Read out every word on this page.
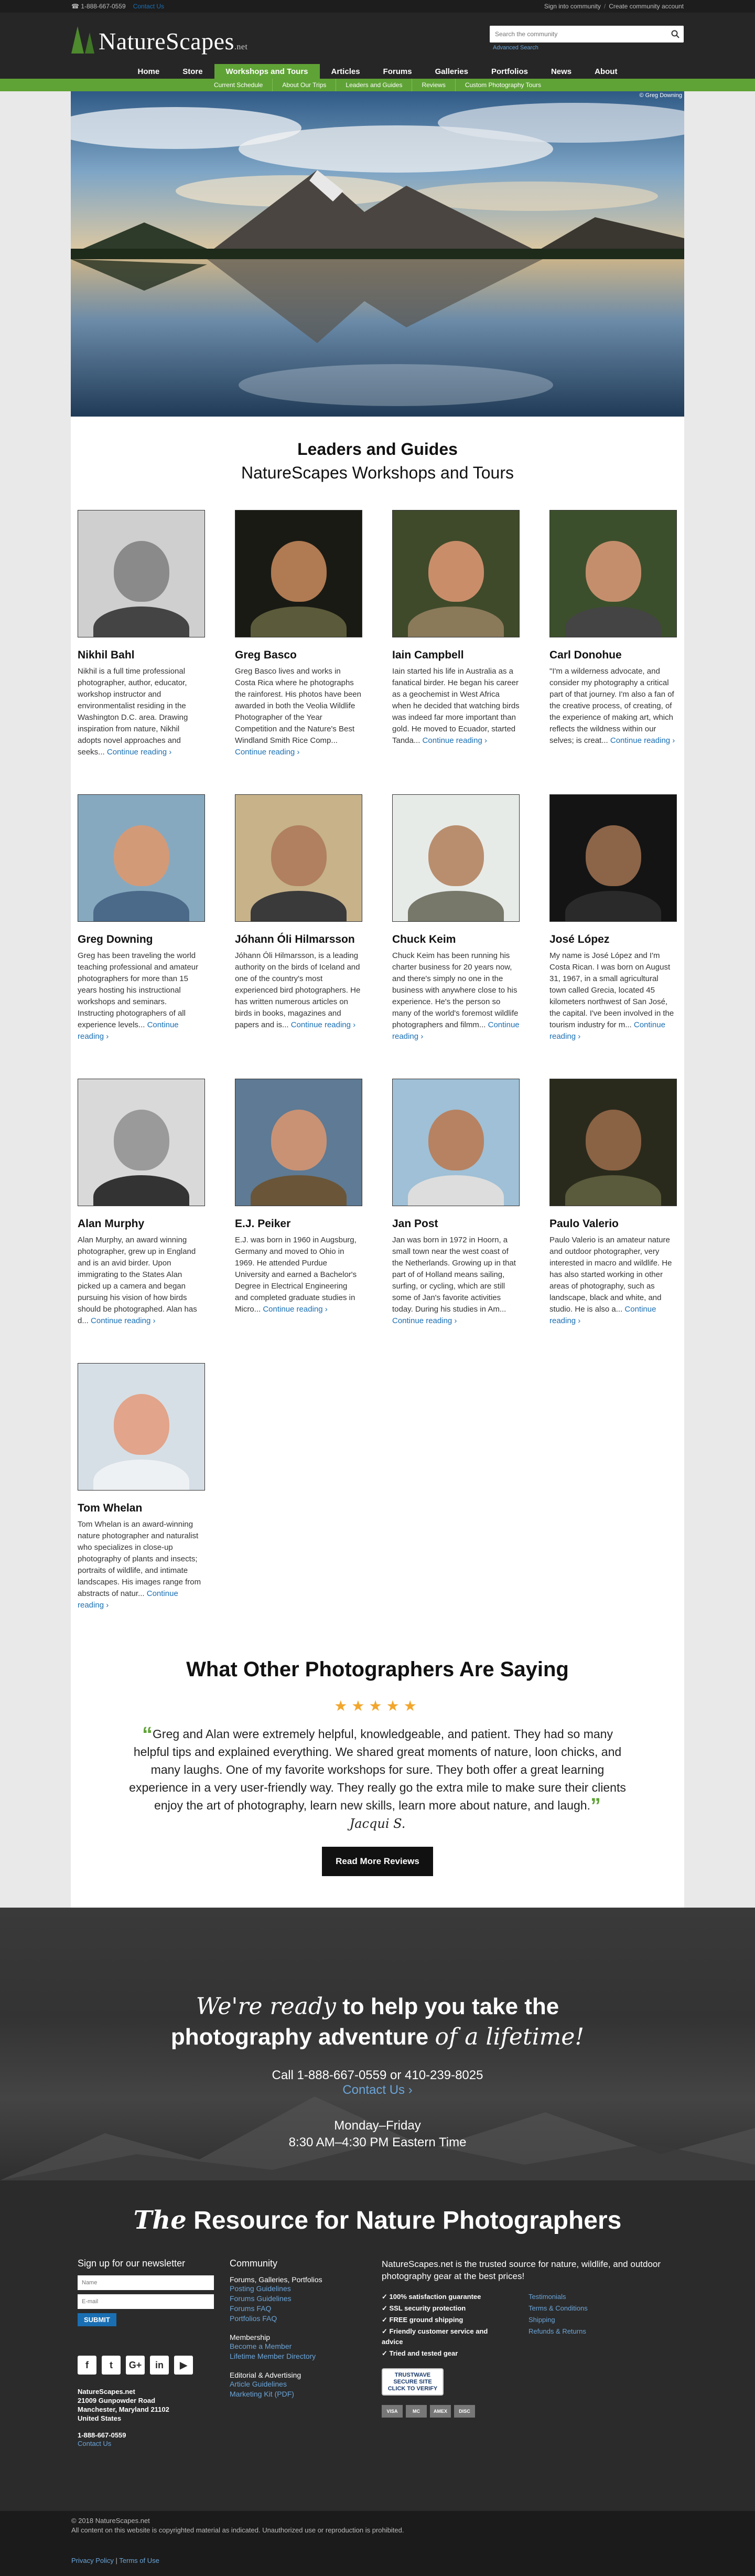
☎ 1-888-667-0559 Contact Us	Sign into community / Create community account
NatureScapes.net
Search the community	Advanced Search
Home	Store	Workshops and Tours	Articles	Forums	Galleries	Portfolios	News	About
Current Schedule	About Our Trips	Leaders and Guides	Reviews	Custom Photography Tours
© Greg Downing
Leaders and Guides
NatureScapes Workshops and Tours
Nikhil Bahl

Nikhil is a full time professional photographer, author, educator, workshop instructor and environmentalist residing in the Washington D.C. area. Drawing inspiration from nature, Nikhil adopts novel approaches and seeks... Continue reading ›

Greg Basco

Greg Basco lives and works in Costa Rica where he photographs the rainforest. His photos have been awarded in both the Veolia Wildlife Photographer of the Year Competition and the Nature's Best Windland Smith Rice Comp... Continue reading ›

Iain Campbell

Iain started his life in Australia as a fanatical birder. He began his career as a geochemist in West Africa when he decided that watching birds was indeed far more important than gold. He moved to Ecuador, started Tanda... Continue reading ›

Carl Donohue

"I'm a wilderness advocate, and consider my photography a critical part of that journey. I'm also a fan of the creative process, of creating, of the experience of making art, which reflects the wildness within our selves; is creat... Continue reading ›

Greg Downing

Greg has been traveling the world teaching professional and amateur photographers for more than 15 years hosting his instructional workshops and seminars. Instructing photographers of all experience levels... Continue reading ›

Jóhann Óli Hilmarsson

Jóhann Óli Hilmarsson, is a leading authority on the birds of Iceland and one of the country's most experienced bird photographers. He has written numerous articles on birds in books, magazines and papers and is... Continue reading ›

Chuck Keim

Chuck Keim has been running his charter business for 20 years now, and there's simply no one in the business with anywhere close to his experience. He's the person so many of the world's foremost wildlife photographers and filmm... Continue reading ›

José López

My name is José López and I'm Costa Rican. I was born on August 31, 1967, in a small agricultural town called Grecia, located 45 kilometers northwest of San José, the capital. I've been involved in the tourism industry for m... Continue reading ›

Alan Murphy

Alan Murphy, an award winning photographer, grew up in England and is an avid birder. Upon immigrating to the States Alan picked up a camera and began pursuing his vision of how birds should be photographed. Alan has d... Continue reading ›

E.J. Peiker

E.J. was born in 1960 in Augsburg, Germany and moved to Ohio in 1969. He attended Purdue University and earned a Bachelor's Degree in Electrical Engineering and completed graduate studies in Micro... Continue reading ›

Jan Post

Jan was born in 1972 in Hoorn, a small town near the west coast of the Netherlands. Growing up in that part of of Holland means sailing, surfing, or cycling, which are still some of Jan's favorite activities today. During his studies in Am... Continue reading ›

Paulo Valerio

Paulo Valerio is an amateur nature and outdoor photographer, very interested in macro and wildlife. He has also started working in other areas of photography, such as landscape, black and white, and studio. He is also a... Continue reading ›

Tom Whelan

Tom Whelan is an award-winning nature photographer and naturalist who specializes in close-up photography of plants and insects; portraits of wildlife, and intimate landscapes. His images range from abstracts of natur... Continue reading ›

What Other Photographers Are Saying
★★★★★
“Greg and Alan were extremely helpful, knowledgeable, and patient. They had so many helpful tips and explained everything. We shared great moments of nature, loon chicks, and many laughs. One of my favorite workshops for sure. They both offer a great learning experience in a very user-friendly way. They really go the extra mile to make sure their clients enjoy the art of photography, learn new skills, learn more about nature, and laugh.”
Jacqui S.
Read More Reviews
We're ready to help you take the
photography adventure of a lifetime!
Call 1-888-667-0559 or 410-239-8025
Contact Us ›
Monday–Friday
8:30 AM–4:30 PM Eastern Time
The Resource for Nature Photographers
Sign up for our newsletter
Name
E-mail SUBMIT
f	t	G+	in	▶
NatureScapes.net
21009 Gunpowder Road
Manchester, Maryland 21102
United States
1-888-667-0559
Contact Us
Community
Forums, Galleries, Portfolios
Posting Guidelines
Forums Guidelines
Forums FAQ
Portfolios FAQ
Membership
Become a Member
Lifetime Member Directory
Editorial & Advertising
Article Guidelines
Marketing Kit (PDF)
NatureScapes.net is the trusted source for nature, wildlife, and outdoor photography gear at the best prices!
✓ 100% satisfaction guarantee	Testimonials
✓ SSL security protection	Terms & Conditions
✓ FREE ground shipping	Shipping
✓ Friendly customer service and advice
Refunds & Returns
✓ Tried and tested gear
TRUSTWAVE
SECURE SITE
CLICK TO VERIFY
VISA	MC	AMEX	DISC
© 2018 NatureScapes.net
All content on this website is copyrighted material as indicated. Unauthorized use or reproduction is prohibited.
Privacy Policy | Terms of Use
